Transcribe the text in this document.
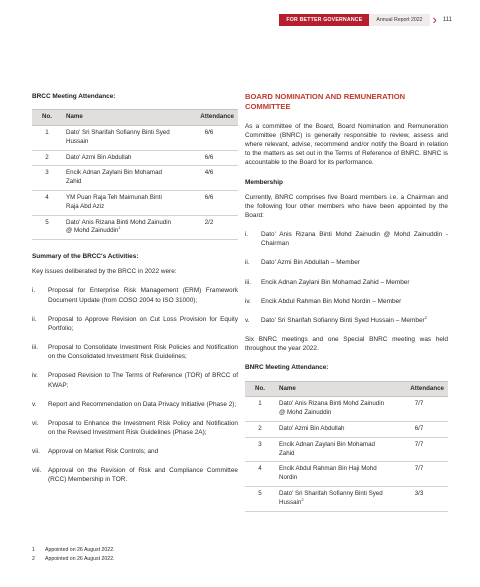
FOR BETTER GOVERNANCE	Annual Report 2022 › 111
BRCC Meeting Attendance:
No.	Name	Attendance
1	Dato' Sri Sharifah Sofianny Binti Syed Hussain	6/6
2	Dato' Azmi Bin Abdullah	6/6
3	Encik Adnan Zaylani Bin Mohamad Zahid	4/6
4	YM Puan Raja Teh Maimunah Binti Raja Abd Aziz	6/6
5	Dato' Anis Rizana Binti Mohd Zainudin @ Mohd Zainuddin$^1$	2/2
Summary of the BRCC's Activities:
Key issues deliberated by the BRCC in 2022 were:
i.	Proposal for Enterprise Risk Management (ERM) Framework Document Update (from COSO 2004 to ISO 31000);
ii.	Proposal to Approve Revision on Cut Loss Provision for Equity Portfolio;
iii.	Proposal to Consolidate Investment Risk Policies and Notification on the Consolidated Investment Risk Guidelines;
iv.	Proposed Revision to The Terms of Reference (TOR) of BRCC of KWAP;
v.	Report and Recommendation on Data Privacy Initiative (Phase 2);
vi.	Proposal to Enhance the Investment Risk Policy and Notification on the Revised Investment Risk Guidelines (Phase 2A);
vii.	Approval on Market Risk Controls; and
viii.	Approval on the Revision of Risk and Compliance Committee (RCC) Membership in TOR.
1	Appointed on 26 August 2022.
2	Appointed on 26 August 2022.
BOARD NOMINATION AND REMUNERATION COMMITTEE
As a committee of the Board, Board Nomination and Remuneration Committee (BNRC) is generally responsible to review, assess and where relevant, advise, recommend and/or notify the Board in relation to the matters as set out in the Terms of Reference of BNRC. BNRC is accountable to the Board for its performance.
Membership
Currently, BNRC comprises five Board members i.e. a Chairman and the following four other members who have been appointed by the Board:
i.	Dato' Anis Rizana Binti Mohd Zainudin @ Mohd Zainuddin - Chairman
ii.	Dato' Azmi Bin Abdullah – Member
iii.	Encik Adnan Zaylani Bin Mohamad Zahid – Member
iv.	Encik Abdul Rahman Bin Mohd Nordin – Member
v.	Dato' Sri Sharifah Sofianny Binti Syed Hussain – Member$^2$
Six BNRC meetings and one Special BNRC meeting was held throughout the year 2022.
BNRC Meeting Attendance:
No.	Name	Attendance
1	Dato' Anis Rizana Binti Mohd Zainudin @ Mohd Zainuddin	7/7
2	Dato' Azmi Bin Abdullah	6/7
3	Encik Adnan Zaylani Bin Mohamad Zahid	7/7
4	Encik Abdul Rahman Bin Haji Mohd Nordin	7/7
5	Dato' Sri Sharifah Sofianny Binti Syed Hussain$^2$	3/3
